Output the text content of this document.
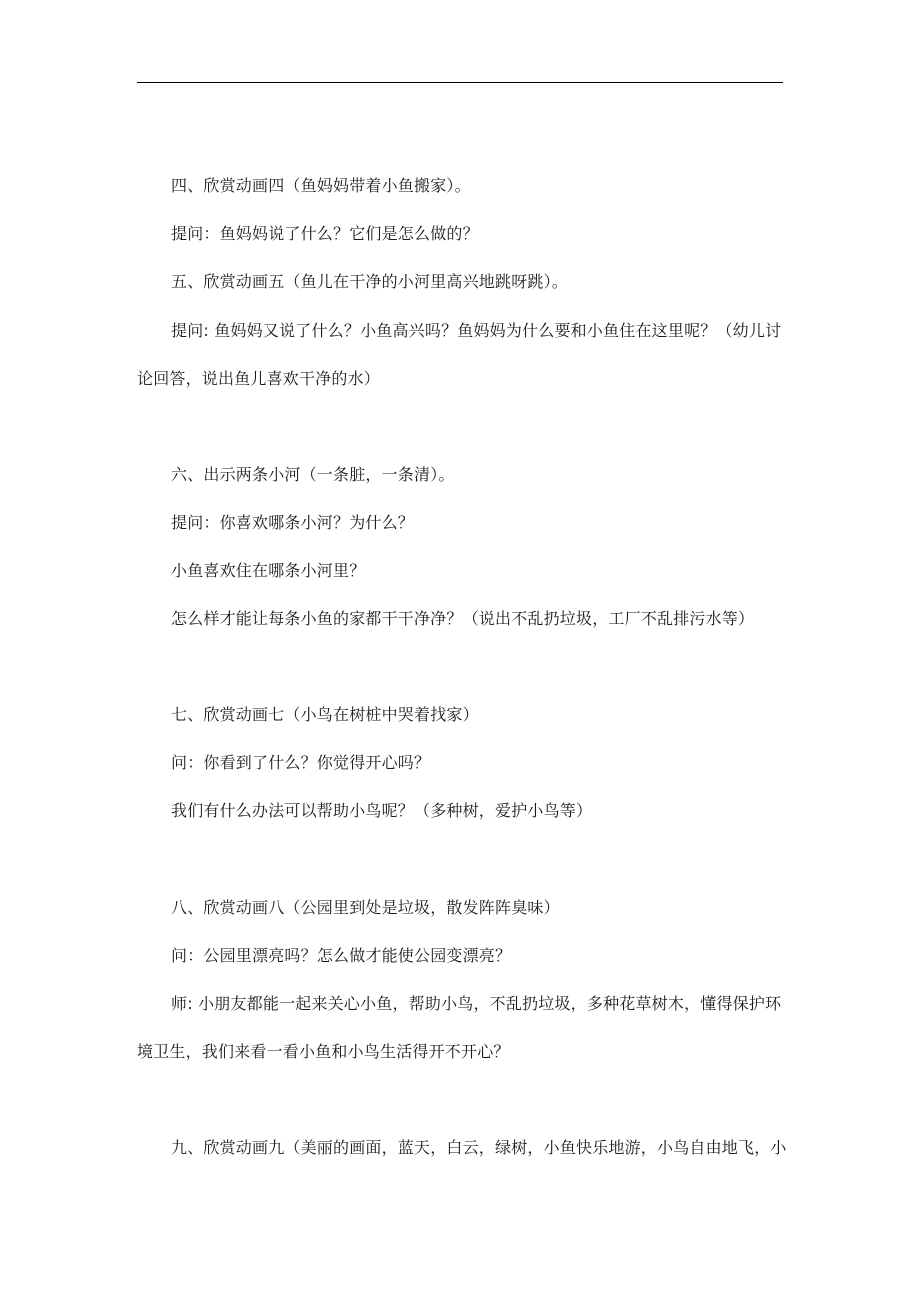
四、欣赏动画四（鱼妈妈带着小鱼搬家）。
提问：鱼妈妈说了什么？它们是怎么做的？
五、欣赏动画五（鱼儿在干净的小河里高兴地跳呀跳）。
提问: 鱼妈妈又说了什么？小鱼高兴吗？鱼妈妈为什么要和小鱼住在这里呢？（幼儿讨
论回答，说出鱼儿喜欢干净的水）
六、出示两条小河（一条脏，一条清）。
提问：你喜欢哪条小河？为什么？
小鱼喜欢住在哪条小河里？
怎么样才能让每条小鱼的家都干干净净？（说出不乱扔垃圾，工厂不乱排污水等）
七、欣赏动画七（小鸟在树桩中哭着找家）
问：你看到了什么？你觉得开心吗？
我们有什么办法可以帮助小鸟呢？（多种树，爱护小鸟等）
八、欣赏动画八（公园里到处是垃圾，散发阵阵臭味）
问：公园里漂亮吗？怎么做才能使公园变漂亮？
师: 小朋友都能一起来关心小鱼，帮助小鸟，不乱扔垃圾，多种花草树木，懂得保护环
境卫生，我们来看一看小鱼和小鸟生活得开不开心？
九、欣赏动画九（美丽的画面，蓝天，白云，绿树，小鱼快乐地游，小鸟自由地飞，小
